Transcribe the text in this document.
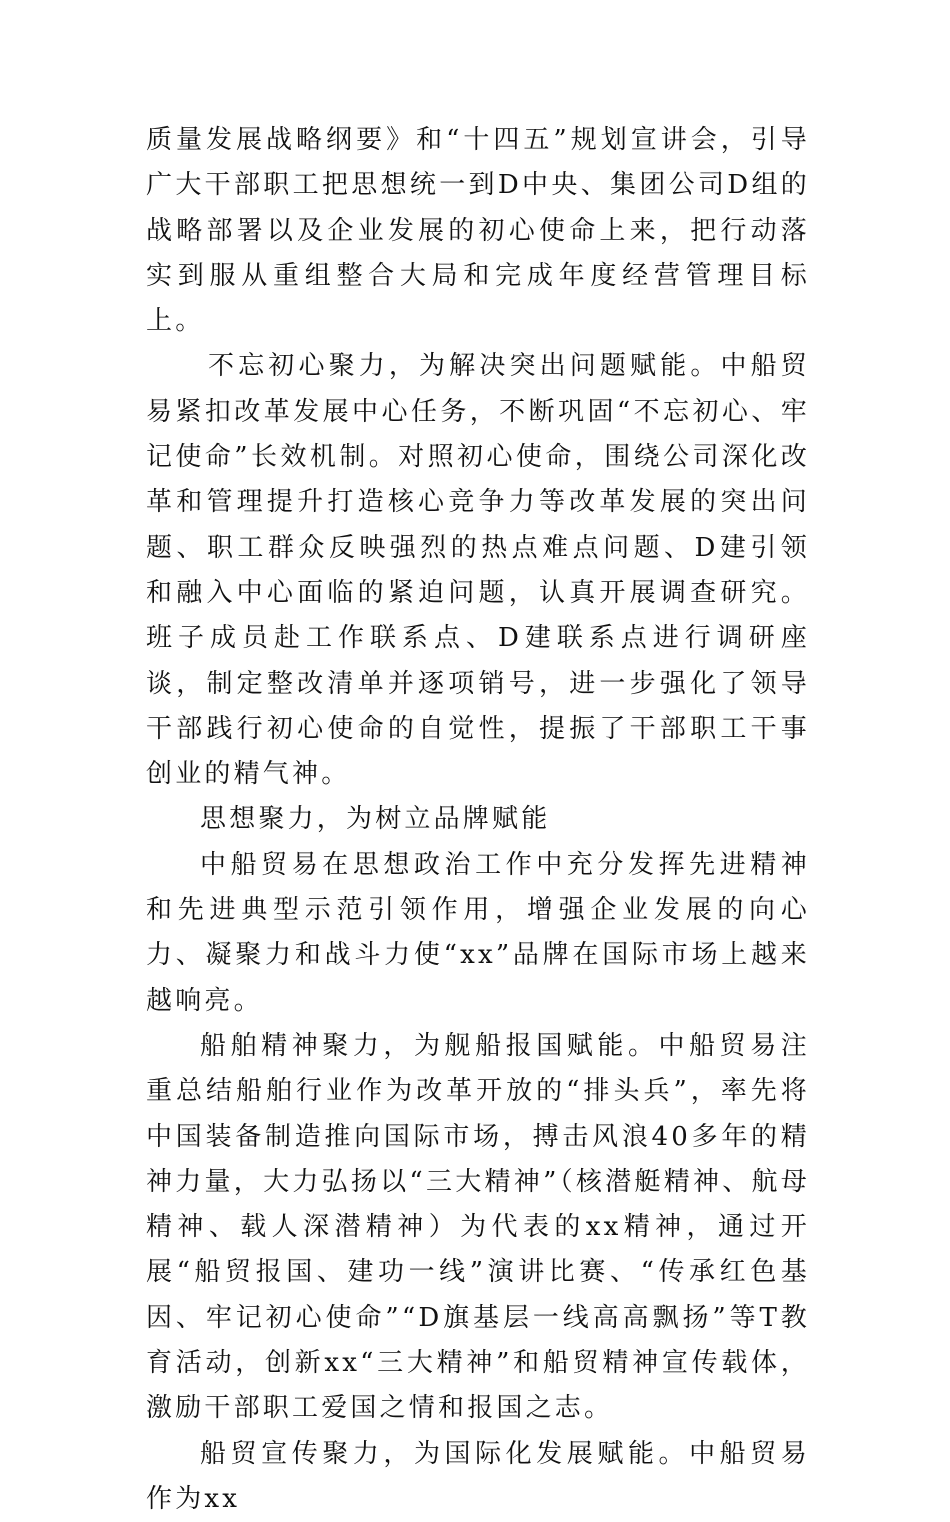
质量发展战略纲要》和“十四五”规划宣讲会，引导广大干部职工把思想统一到D中央、集团公司D组的战略部署以及企业发展的初心使命上来，把行动落实到服从重组整合大局和完成年度经营管理目标上。

不忘初心聚力，为解决突出问题赋能。中船贸易紧扣改革发展中心任务，不断巩固“不忘初心、牢记使命”长效机制。对照初心使命，围绕公司深化改革和管理提升打造核心竞争力等改革发展的突出问题、职工群众反映强烈的热点难点问题、D建引领和融入中心面临的紧迫问题，认真开展调查研究。班子成员赴工作联系点、D建联系点进行调研座谈，制定整改清单并逐项销号，进一步强化了领导干部践行初心使命的自觉性，提振了干部职工干事创业的精气神。

思想聚力，为树立品牌赋能

中船贸易在思想政治工作中充分发挥先进精神和先进典型示范引领作用，增强企业发展的向心力、凝聚力和战斗力使“xx”品牌在国际市场上越来越响亮。

船舶精神聚力，为舰船报国赋能。中船贸易注重总结船舶行业作为改革开放的“排头兵”，率先将中国装备制造推向国际市场，搏击风浪40多年的精神力量，大力弘扬以“三大精神”（核潜艇精神、航母精神、载人深潜精神）为代表的xx精神，通过开展“船贸报国、建功一线”演讲比赛、“传承红色基因、牢记初心使命”“D旗基层一线高高飘扬”等T教育活动，创新xx“三大精神”和船贸精神宣传载体，激励干部职工爱国之情和报国之志。

船贸宣传聚力，为国际化发展赋能。中船贸易作为xx
